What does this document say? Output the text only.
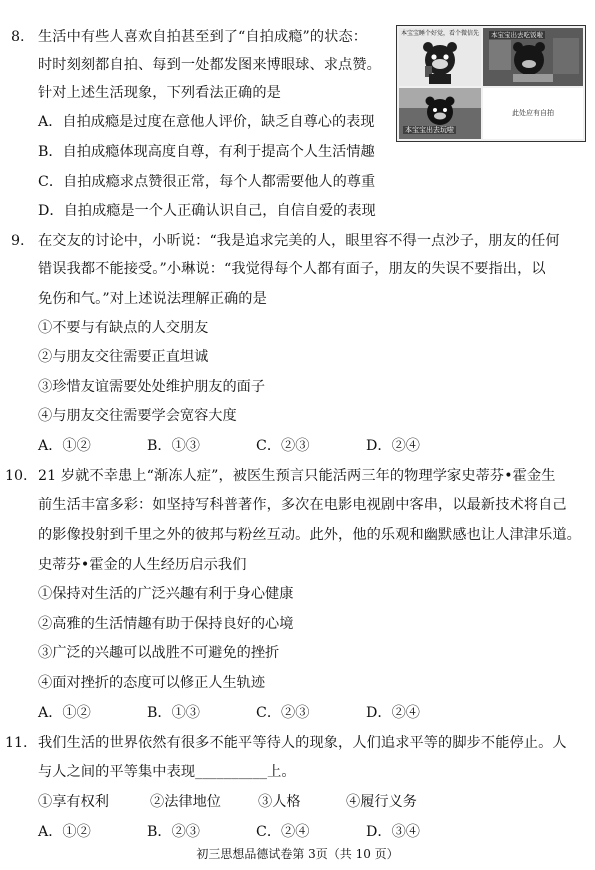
8. 生活中有些人喜欢自拍甚至到了“自拍成瘾”的状态：
时时刻刻都自拍、每到一处都发图来博眼球、求点赞。
针对上述生活现象，下列看法正确的是
A．自拍成瘾是过度在意他人评价，缺乏自尊心的表现
B．自拍成瘾体现高度自尊，有利于提高个人生活情趣
C．自拍成瘾求点赞很正常，每个人都需要他人的尊重
D．自拍成瘾是一个人正确认识自己，自信自爱的表现
本宝宝睡个好觉，看个微信先	本宝宝出去吃饭啦
本宝宝出去玩啦
此处应有自拍
9. 在交友的讨论中，小昕说：“我是追求完美的人，眼里容不得一点沙子，朋友的任何
错误我都不能接受。”小琳说：“我觉得每个人都有面子，朋友的失误不要指出，以
免伤和气。”对上述说法理解正确的是
①不要与有缺点的人交朋友
②与朋友交往需要正直坦诚
③珍惜友谊需要处处维护朋友的面子
④与朋友交往需要学会宽容大度
A．①②	B．①③	C．②③	D．②④
10. 21 岁就不幸患上“渐冻人症”，被医生预言只能活两三年的物理学家史蒂芬•霍金生
前生活丰富多彩：如坚持写科普著作，多次在电影电视剧中客串，以最新技术将自己
的影像投射到千里之外的彼邦与粉丝互动。此外，他的乐观和幽默感也让人津津乐道。
史蒂芬•霍金的人生经历启示我们
①保持对生活的广泛兴趣有利于身心健康
②高雅的生活情趣有助于保持良好的心境
③广泛的兴趣可以战胜不可避免的挫折
④面对挫折的态度可以修正人生轨迹
A．①②	B．①③	C．②③	D．②④
11. 我们生活的世界依然有很多不能平等待人的现象，人们追求平等的脚步不能停止。人
与人之间的平等集中表现__________上。
①享有权利	②法律地位	③人格	④履行义务
A．①②	B．②③	C．②④	D．③④
初三思想品德试卷第 3页（共 10 页）
